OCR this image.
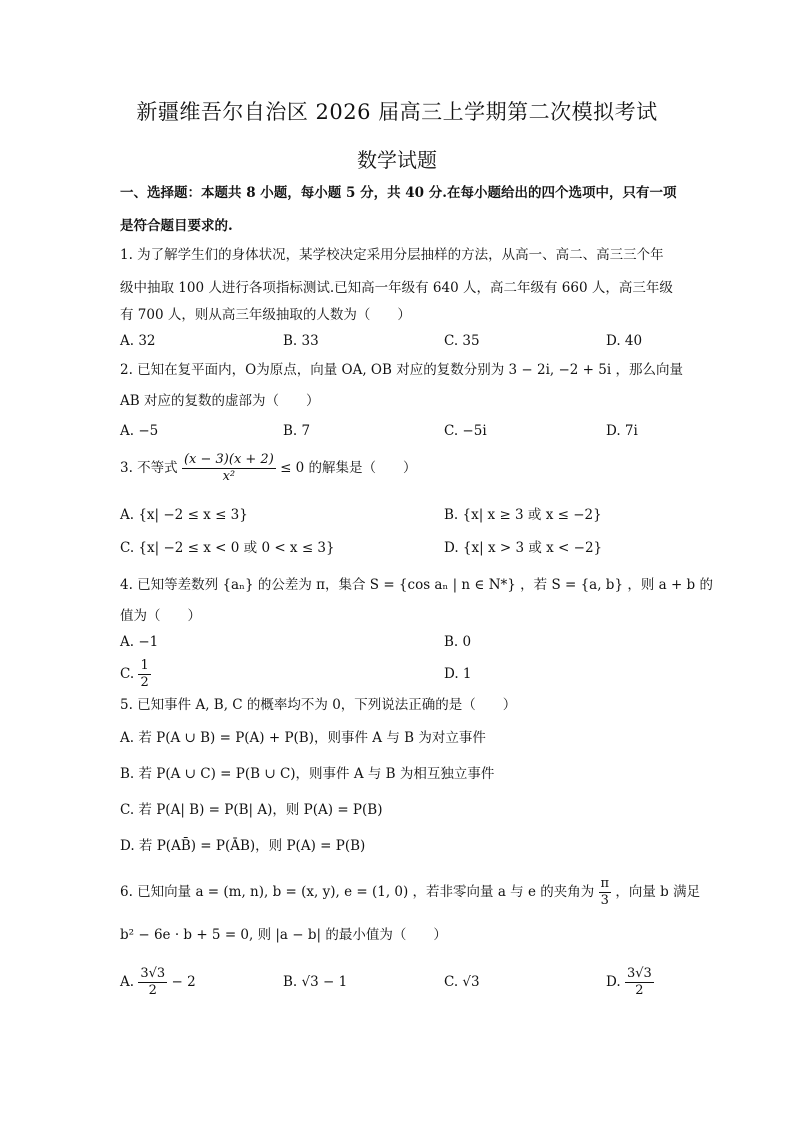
新疆维吾尔自治区 2026 届高三上学期第二次模拟考试
数学试题
一、选择题：本题共 8 小题，每小题 5 分，共 40 分.在每小题给出的四个选项中，只有一项
是符合题目要求的.
1. 为了解学生们的身体状况，某学校决定采用分层抽样的方法，从高一、高二、高三三个年
级中抽取 100 人进行各项指标测试.已知高一年级有 640 人，高二年级有 660 人，高三年级
有 700 人，则从高三年级抽取的人数为（　　）
A. 32	B. 33	C. 35	D. 40
2. 已知在复平面内，O为原点，向量 OA, OB 对应的复数分别为 3 − 2i, −2 + 5i ，那么向量
AB 对应的复数的虚部为（　　）
A. −5	B. 7	C. −5i	D. 7i
3. 不等式 $\frac{(x - 3)(x + 2)}{\text{x²}} \le 0$ 的解集是（　　）
A. {x| −2 ≤ x ≤ 3}	B. {x| x ≥ 3 或 x ≤ −2}
C. {x| −2 ≤ x < 0 或 0 < x ≤ 3}	D. {x| x > 3 或 x < −2}
4. 已知等差数列 {aₙ} 的公差为 π，集合 S = {cos aₙ | n ∈ N*} ，若 S = {a, b} ，则 a + b 的
值为（　　）
A. −1	B. 0
C. $\frac{1}{2}$	D. 1
5. 已知事件 A, B, C 的概率均不为 0，下列说法正确的是（　　）
A. 若 P(A ∪ B) = P(A) + P(B)，则事件 A 与 B 为对立事件
B. 若 P(A ∪ C) = P(B ∪ C)，则事件 A 与 B 为相互独立事件
C. 若 P(A| B) = P(B| A)，则 P(A) = P(B)
D. 若 P(AB̄) = P(ĀB)，则 P(A) = P(B)
6. 已知向量 a = (m, n), b = (x, y), e = (1, 0) ，若非零向量 a 与 e 的夹角为 $\frac{\pi}{3}$ ，向量 b 满足
b² − 6e · b + 5 = 0, 则 |a − b| 的最小值为（　　）
A. $\frac{3√3}{2} - 2$	B. √3 − 1	C. √3	D. $\frac{3√3}{2}$
